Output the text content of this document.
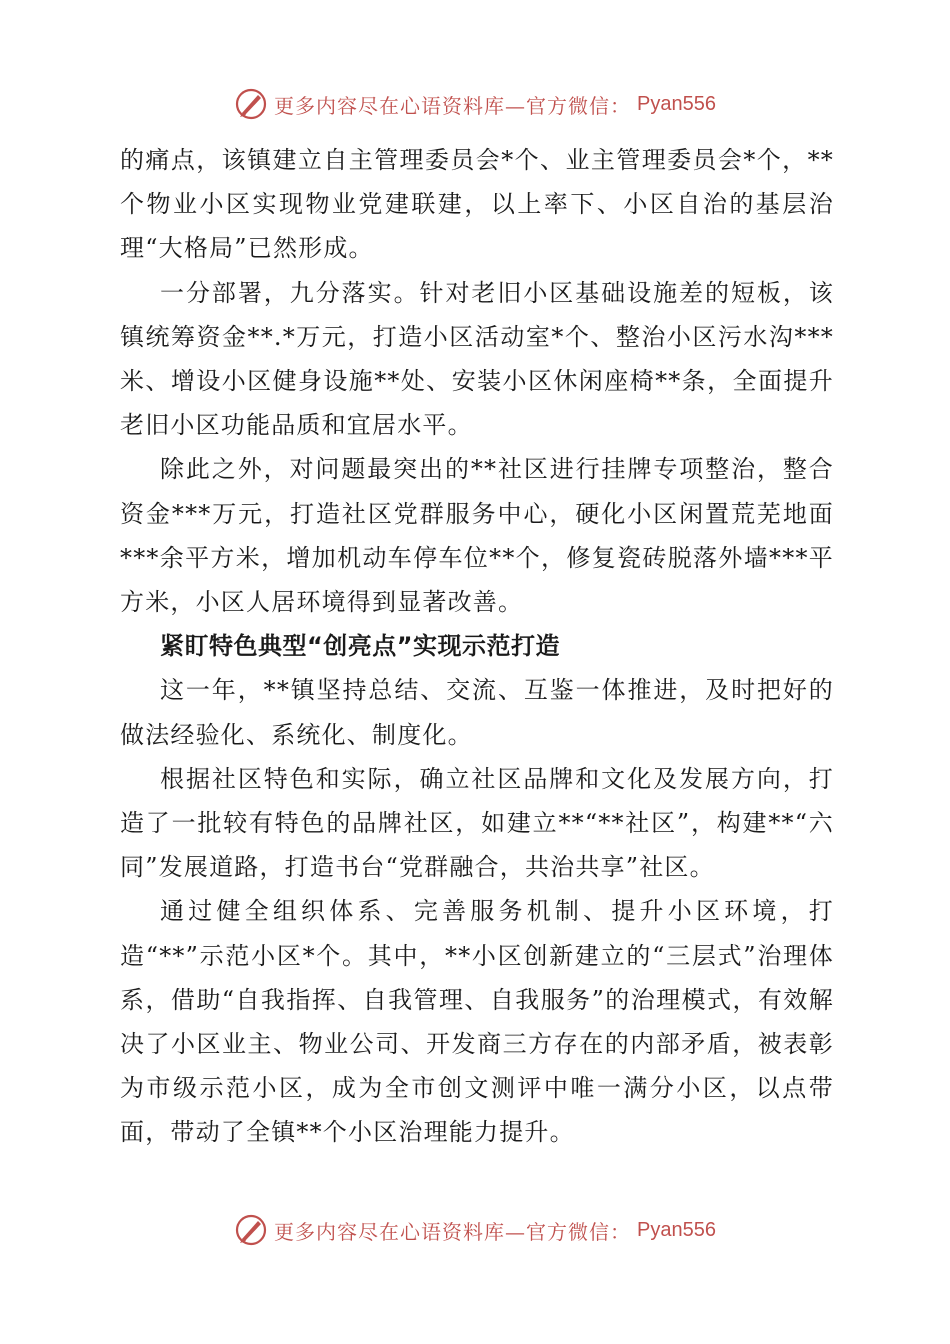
更多内容尽在心语资料库—官方微信： Pyan556

的痛点，该镇建立自主管理委员会*个、业主管理委员会*个，**个物业小区实现物业党建联建，以上率下、小区自治的基层治理“大格局”已然形成。

一分部署，九分落实。针对老旧小区基础设施差的短板，该镇统筹资金**.*万元，打造小区活动室*个、整治小区污水沟***米、增设小区健身设施**处、安装小区休闲座椅**条，全面提升老旧小区功能品质和宜居水平。

除此之外，对问题最突出的**社区进行挂牌专项整治，整合资金***万元，打造社区党群服务中心，硬化小区闲置荒芜地面***余平方米，增加机动车停车位**个，修复瓷砖脱落外墙***平方米，小区人居环境得到显著改善。

紧盯特色典型“创亮点”实现示范打造

这一年，**镇坚持总结、交流、互鉴一体推进，及时把好的做法经验化、系统化、制度化。

根据社区特色和实际，确立社区品牌和文化及发展方向，打造了一批较有特色的品牌社区，如建立**“**社区”，构建**“六同”发展道路，打造书台“党群融合，共治共享”社区。

通过健全组织体系、完善服务机制、提升小区环境，打造“**”示范小区*个。其中，**小区创新建立的“三层式”治理体系，借助“自我指挥、自我管理、自我服务”的治理模式，有效解决了小区业主、物业公司、开发商三方存在的内部矛盾，被表彰为市级示范小区，成为全市创文测评中唯一满分小区，以点带面，带动了全镇**个小区治理能力提升。

更多内容尽在心语资料库—官方微信： Pyan556
